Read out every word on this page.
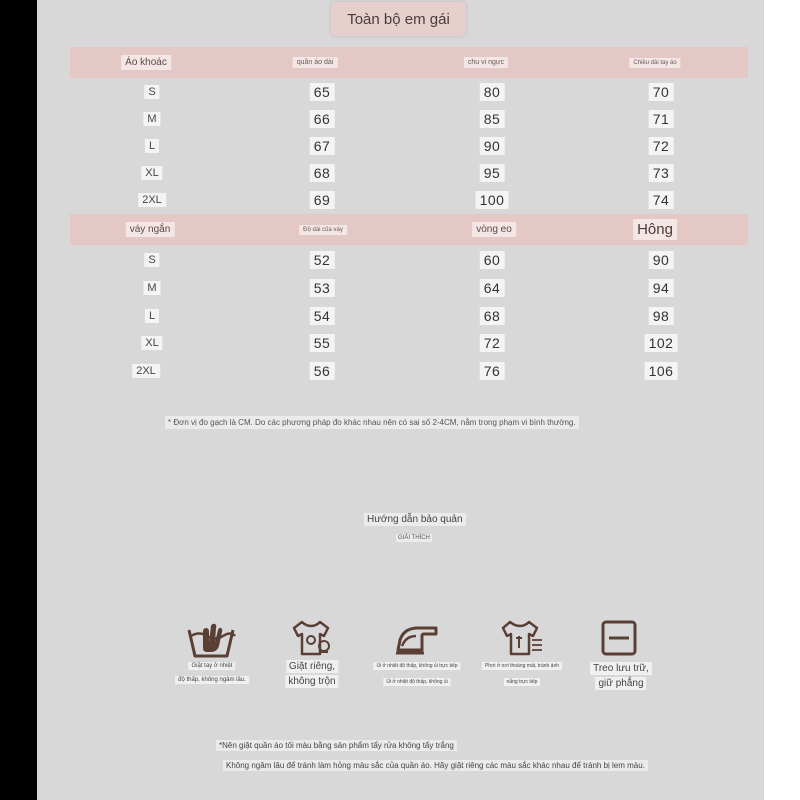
Toàn bộ em gái
Áo khoác	quần áo dài	chu vi ngực	Chiều dài tay áo
S	65	80	70
M	66	85	71
L	67	90	72
XL	68	95	73
2XL	69	100	74
váy ngắn	Độ dài của váy	vòng eo	Hông
S	52	60	90
M	53	64	94
L	54	68	98
XL	55	72	102
2XL	56	76	106
* Đơn vị đo gạch là CM. Do các phương pháp đo khác nhau nên có sai số 2-4CM, nằm trong phạm vi bình thường.
Hướng dẫn bảo quản
GIẢI THÍCH
Giặt tay ở nhiệt
độ thấp, không ngâm lâu.
Giặt riêng,
không trộn
Ủi ở nhiệt độ thấp, không ủi trực tiếp
Ủi ở nhiệt độ thấp, không ủi
Phơi ở nơi thoáng mát, tránh ánh
nắng trực tiếp
Treo lưu trữ,
giữ phẳng
*Nên giặt quần áo tối màu bằng sản phẩm tẩy rửa không tẩy trắng
Không ngâm lâu để tránh làm hỏng màu sắc của quần áo. Hãy giặt riêng các màu sắc khác nhau để tránh bị lem màu.
